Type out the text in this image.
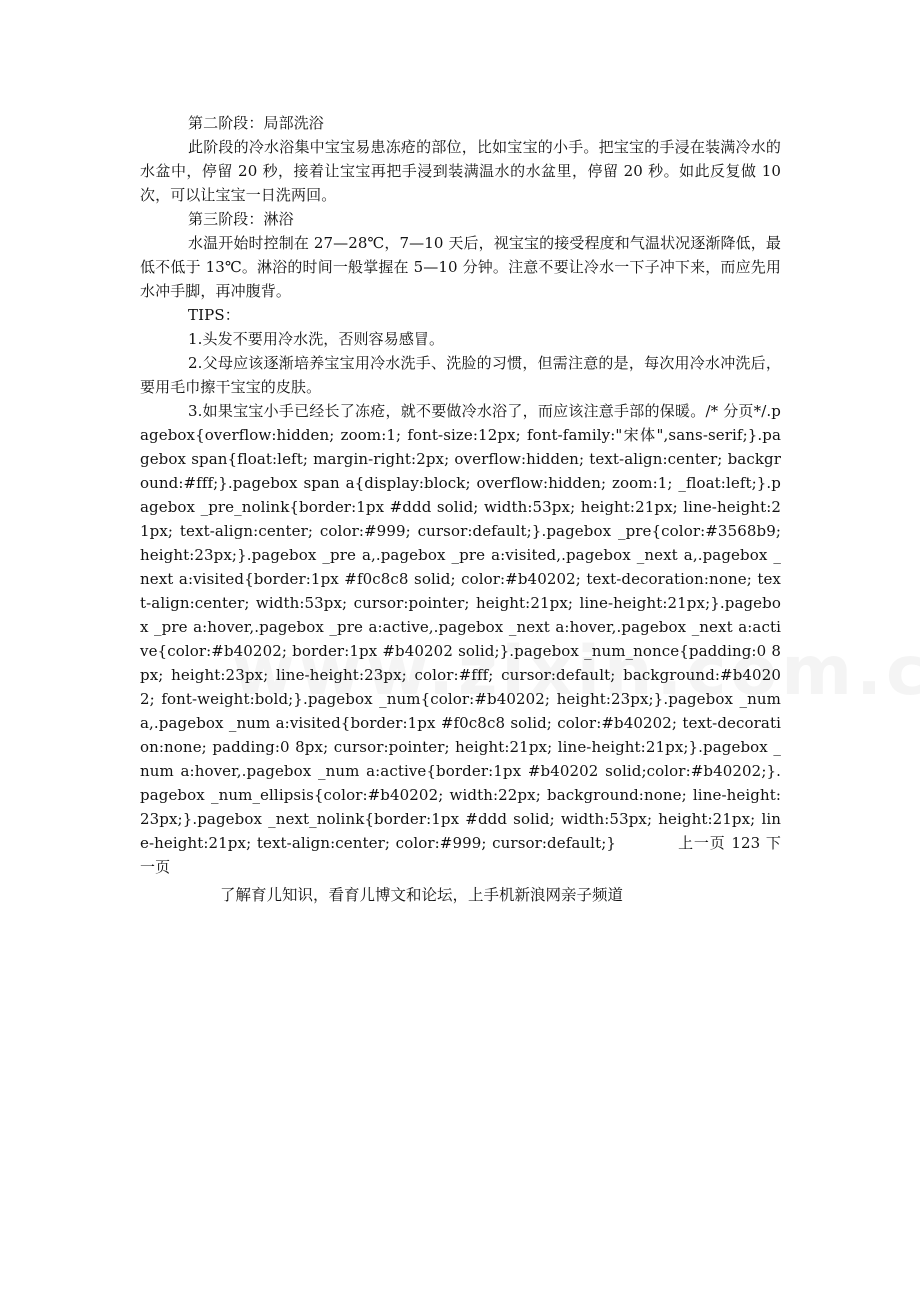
第二阶段：局部洗浴

此阶段的冷水浴集中宝宝易患冻疮的部位，比如宝宝的小手。把宝宝的手浸在装满冷水的水盆中，停留 20 秒，接着让宝宝再把手浸到装满温水的水盆里，停留 20 秒。如此反复做 10 次，可以让宝宝一日洗两回。

第三阶段：淋浴

水温开始时控制在 27—28℃，7—10 天后，视宝宝的接受程度和气温状况逐渐降低，最低不低于 13℃。淋浴的时间一般掌握在 5—10 分钟。注意不要让冷水一下子冲下来，而应先用水冲手脚，再冲腹背。

TIPS：

1.头发不要用冷水洗，否则容易感冒。

2.父母应该逐渐培养宝宝用冷水洗手、洗脸的习惯，但需注意的是，每次用冷水冲洗后，要用毛巾擦干宝宝的皮肤。

3.如果宝宝小手已经长了冻疮，就不要做冷水浴了，而应该注意手部的保暖。/* 分页*/.pagebox{overflow:hidden; zoom:1; font-size:12px; font-family:"宋体",sans-serif;}.pagebox span{float:left; margin-right:2px; overflow:hidden; text-align:center; background:#fff;}.pagebox span a{display:block; overflow:hidden; zoom:1; _float:left;}.pagebox _pre_nolink{border:1px #ddd solid; width:53px; height:21px; line-height:21px; text-align:center; color:#999; cursor:default;}.pagebox _pre{color:#3568b9; height:23px;}.pagebox _pre a,.pagebox _pre a:visited,.pagebox _next a,.pagebox _next a:visited{border:1px #f0c8c8 solid; color:#b40202; text-decoration:none; text-align:center; width:53px; cursor:pointer; height:21px; line-height:21px;}.pagebox _pre a:hover,.pagebox _pre a:active,.pagebox _next a:hover,.pagebox _next a:active{color:#b40202; border:1px #b40202 solid;}.pagebox _num_nonce{padding:0 8px; height:23px; line-height:23px; color:#fff; cursor:default; background:#b40202; font-weight:bold;}.pagebox _num{color:#b40202; height:23px;}.pagebox _num a,.pagebox _num a:visited{border:1px #f0c8c8 solid; color:#b40202; text-decoration:none; padding:0 8px; cursor:pointer; height:21px; line-height:21px;}.pagebox _num a:hover,.pagebox _num a:active{border:1px #b40202 solid;color:#b40202;}.pagebox _num_ellipsis{color:#b40202; width:22px; background:none; line-height:23px;}.pagebox _next_nolink{border:1px #ddd solid; width:53px; height:21px; line-height:21px; text-align:center; color:#999; cursor:default;}	上一页 123 下一页

了解育儿知识，看育儿博文和论坛，上手机新浪网亲子频道
